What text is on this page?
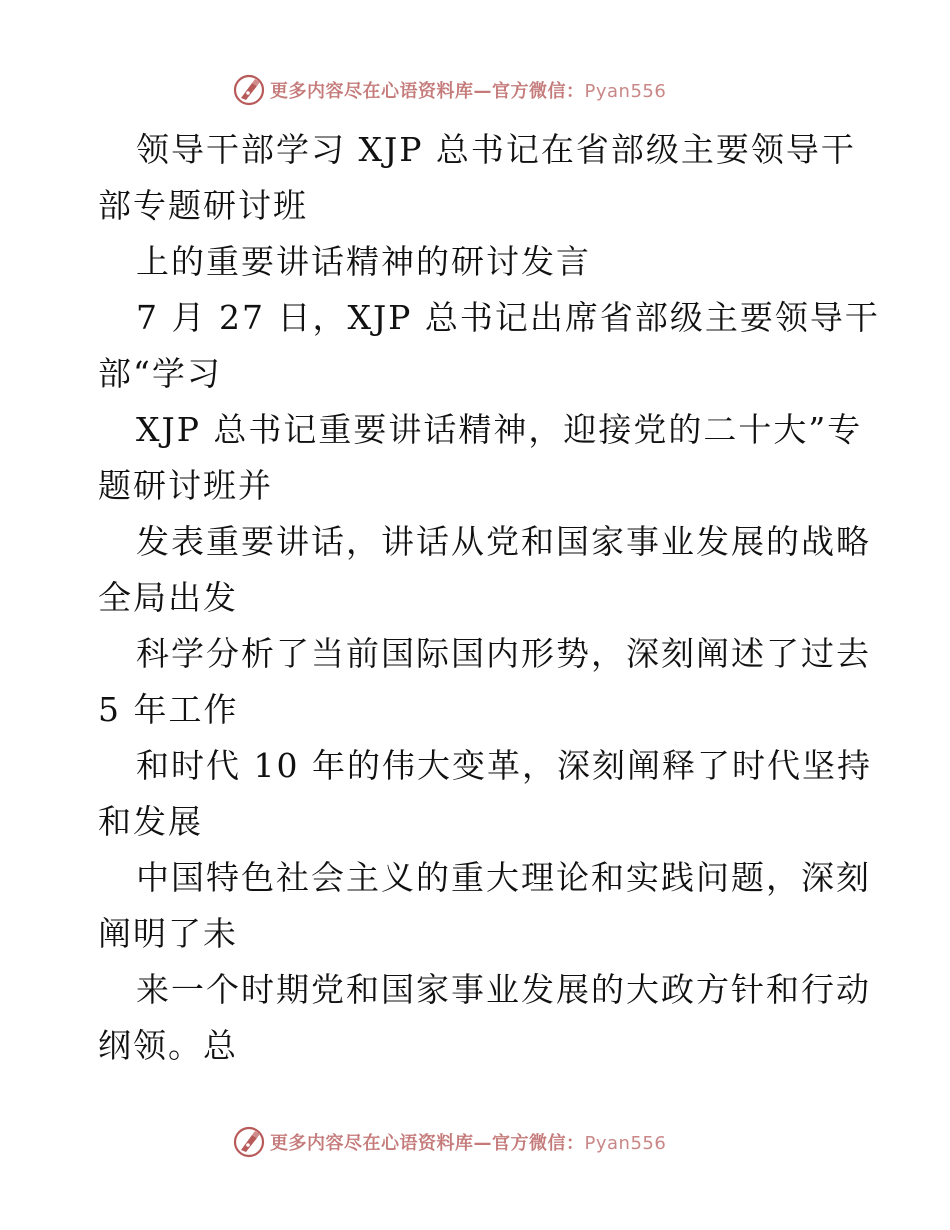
更多内容尽在心语资料库—官方微信：Pyan556
领导干部学习 XJP 总书记在省部级主要领导干
部专题研讨班
上的重要讲话精神的研讨发言
7 月 27 日，XJP 总书记出席省部级主要领导干
部“学习
XJP 总书记重要讲话精神，迎接党的二十大”专
题研讨班并
发表重要讲话，讲话从党和国家事业发展的战略
全局出发
科学分析了当前国际国内形势，深刻阐述了过去
5 年工作
和时代 10 年的伟大变革，深刻阐释了时代坚持
和发展
中国特色社会主义的重大理论和实践问题，深刻
阐明了未
来一个时期党和国家事业发展的大政方针和行动
纲领。总
更多内容尽在心语资料库—官方微信：Pyan556
